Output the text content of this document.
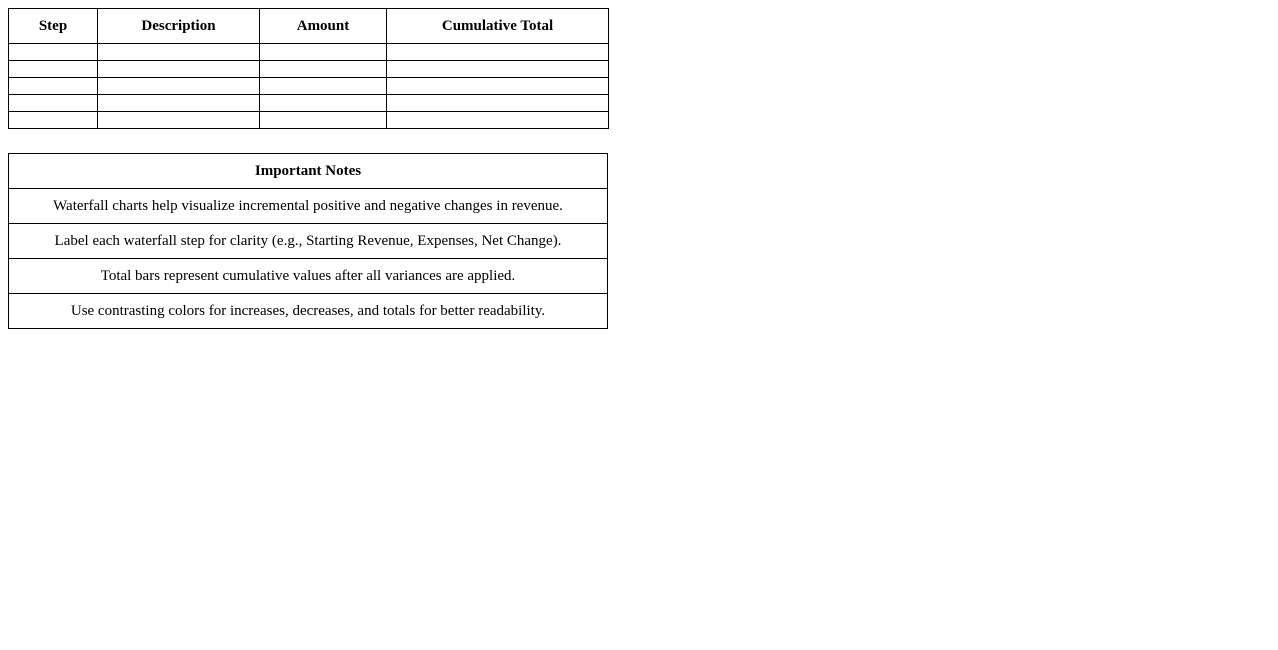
Step	Description	Amount	Cumulative Total

Important Notes
Waterfall charts help visualize incremental positive and negative changes in revenue.
Label each waterfall step for clarity (e.g., Starting Revenue, Expenses, Net Change).
Total bars represent cumulative values after all variances are applied.
Use contrasting colors for increases, decreases, and totals for better readability.
